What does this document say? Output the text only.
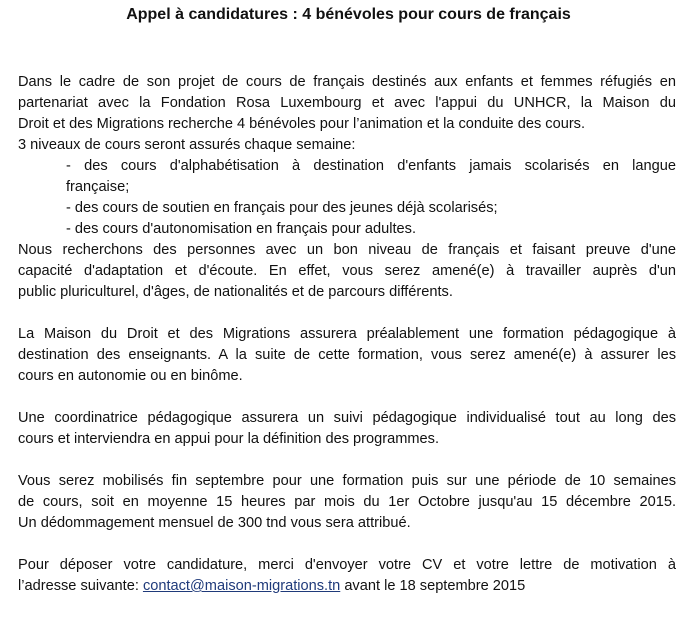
Appel à candidatures : 4 bénévoles pour cours de français
Dans le cadre de son projet de cours de français destinés aux enfants et femmes réfugiés en
partenariat avec la Fondation Rosa Luxembourg et avec l'appui du UNHCR, la Maison du
Droit et des Migrations recherche 4 bénévoles pour l’animation et la conduite des cours.
3 niveaux de cours seront assurés chaque semaine:
- des cours d'alphabétisation à destination d'enfants jamais scolarisés en langue
française;
- des cours de soutien en français pour des jeunes déjà scolarisés;
- des cours d'autonomisation en français pour adultes.
Nous recherchons des personnes avec un bon niveau de français et faisant preuve d'une
capacité d'adaptation et d'écoute. En effet, vous serez amené(e) à travailler auprès d'un
public pluriculturel, d'âges, de nationalités et de parcours différents.
La Maison du Droit et des Migrations assurera préalablement une formation pédagogique à
destination des enseignants. A la suite de cette formation, vous serez amené(e) à assurer les
cours en autonomie ou en binôme.
Une coordinatrice pédagogique assurera un suivi pédagogique individualisé tout au long des
cours et interviendra en appui pour la définition des programmes.
Vous serez mobilisés fin septembre pour une formation puis sur une période de 10 semaines
de cours, soit en moyenne 15 heures par mois du 1er Octobre jusqu'au 15 décembre 2015.
Un dédommagement mensuel de 300 tnd vous sera attribué.
Pour déposer votre candidature, merci d'envoyer votre CV et votre lettre de motivation à
l’adresse suivante: contact@maison-migrations.tn avant le 18 septembre 2015
